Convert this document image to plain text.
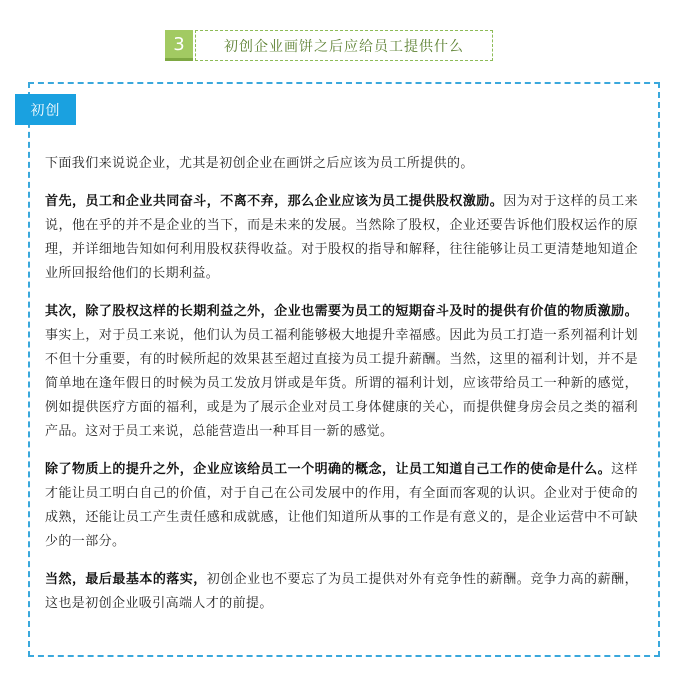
3	初创企业画饼之后应给员工提供什么
初创

下面我们来说说企业，尤其是初创企业在画饼之后应该为员工所提供的。

首先，员工和企业共同奋斗，不离不弃，那么企业应该为员工提供股权激励。因为对于这样的员工来说，他在乎的并不是企业的当下，而是未来的发展。当然除了股权，企业还要告诉他们股权运作的原理，并详细地告知如何利用股权获得收益。对于股权的指导和解释，往往能够让员工更清楚地知道企业所回报给他们的长期利益。

其次，除了股权这样的长期利益之外，企业也需要为员工的短期奋斗及时的提供有价值的物质激励。事实上，对于员工来说，他们认为员工福利能够极大地提升幸福感。因此为员工打造一系列福利计划不但十分重要，有的时候所起的效果甚至超过直接为员工提升薪酬。当然，这里的福利计划，并不是简单地在逢年假日的时候为员工发放月饼或是年货。所谓的福利计划，应该带给员工一种新的感觉，例如提供医疗方面的福利，或是为了展示企业对员工身体健康的关心，而提供健身房会员之类的福利产品。这对于员工来说，总能营造出一种耳目一新的感觉。

除了物质上的提升之外，企业应该给员工一个明确的概念，让员工知道自己工作的使命是什么。这样才能让员工明白自己的价值，对于自己在公司发展中的作用，有全面而客观的认识。企业对于使命的成熟，还能让员工产生责任感和成就感，让他们知道所从事的工作是有意义的，是企业运营中不可缺少的一部分。

当然，最后最基本的落实，初创企业也不要忘了为员工提供对外有竞争性的薪酬。竞争力高的薪酬，这也是初创企业吸引高端人才的前提。
